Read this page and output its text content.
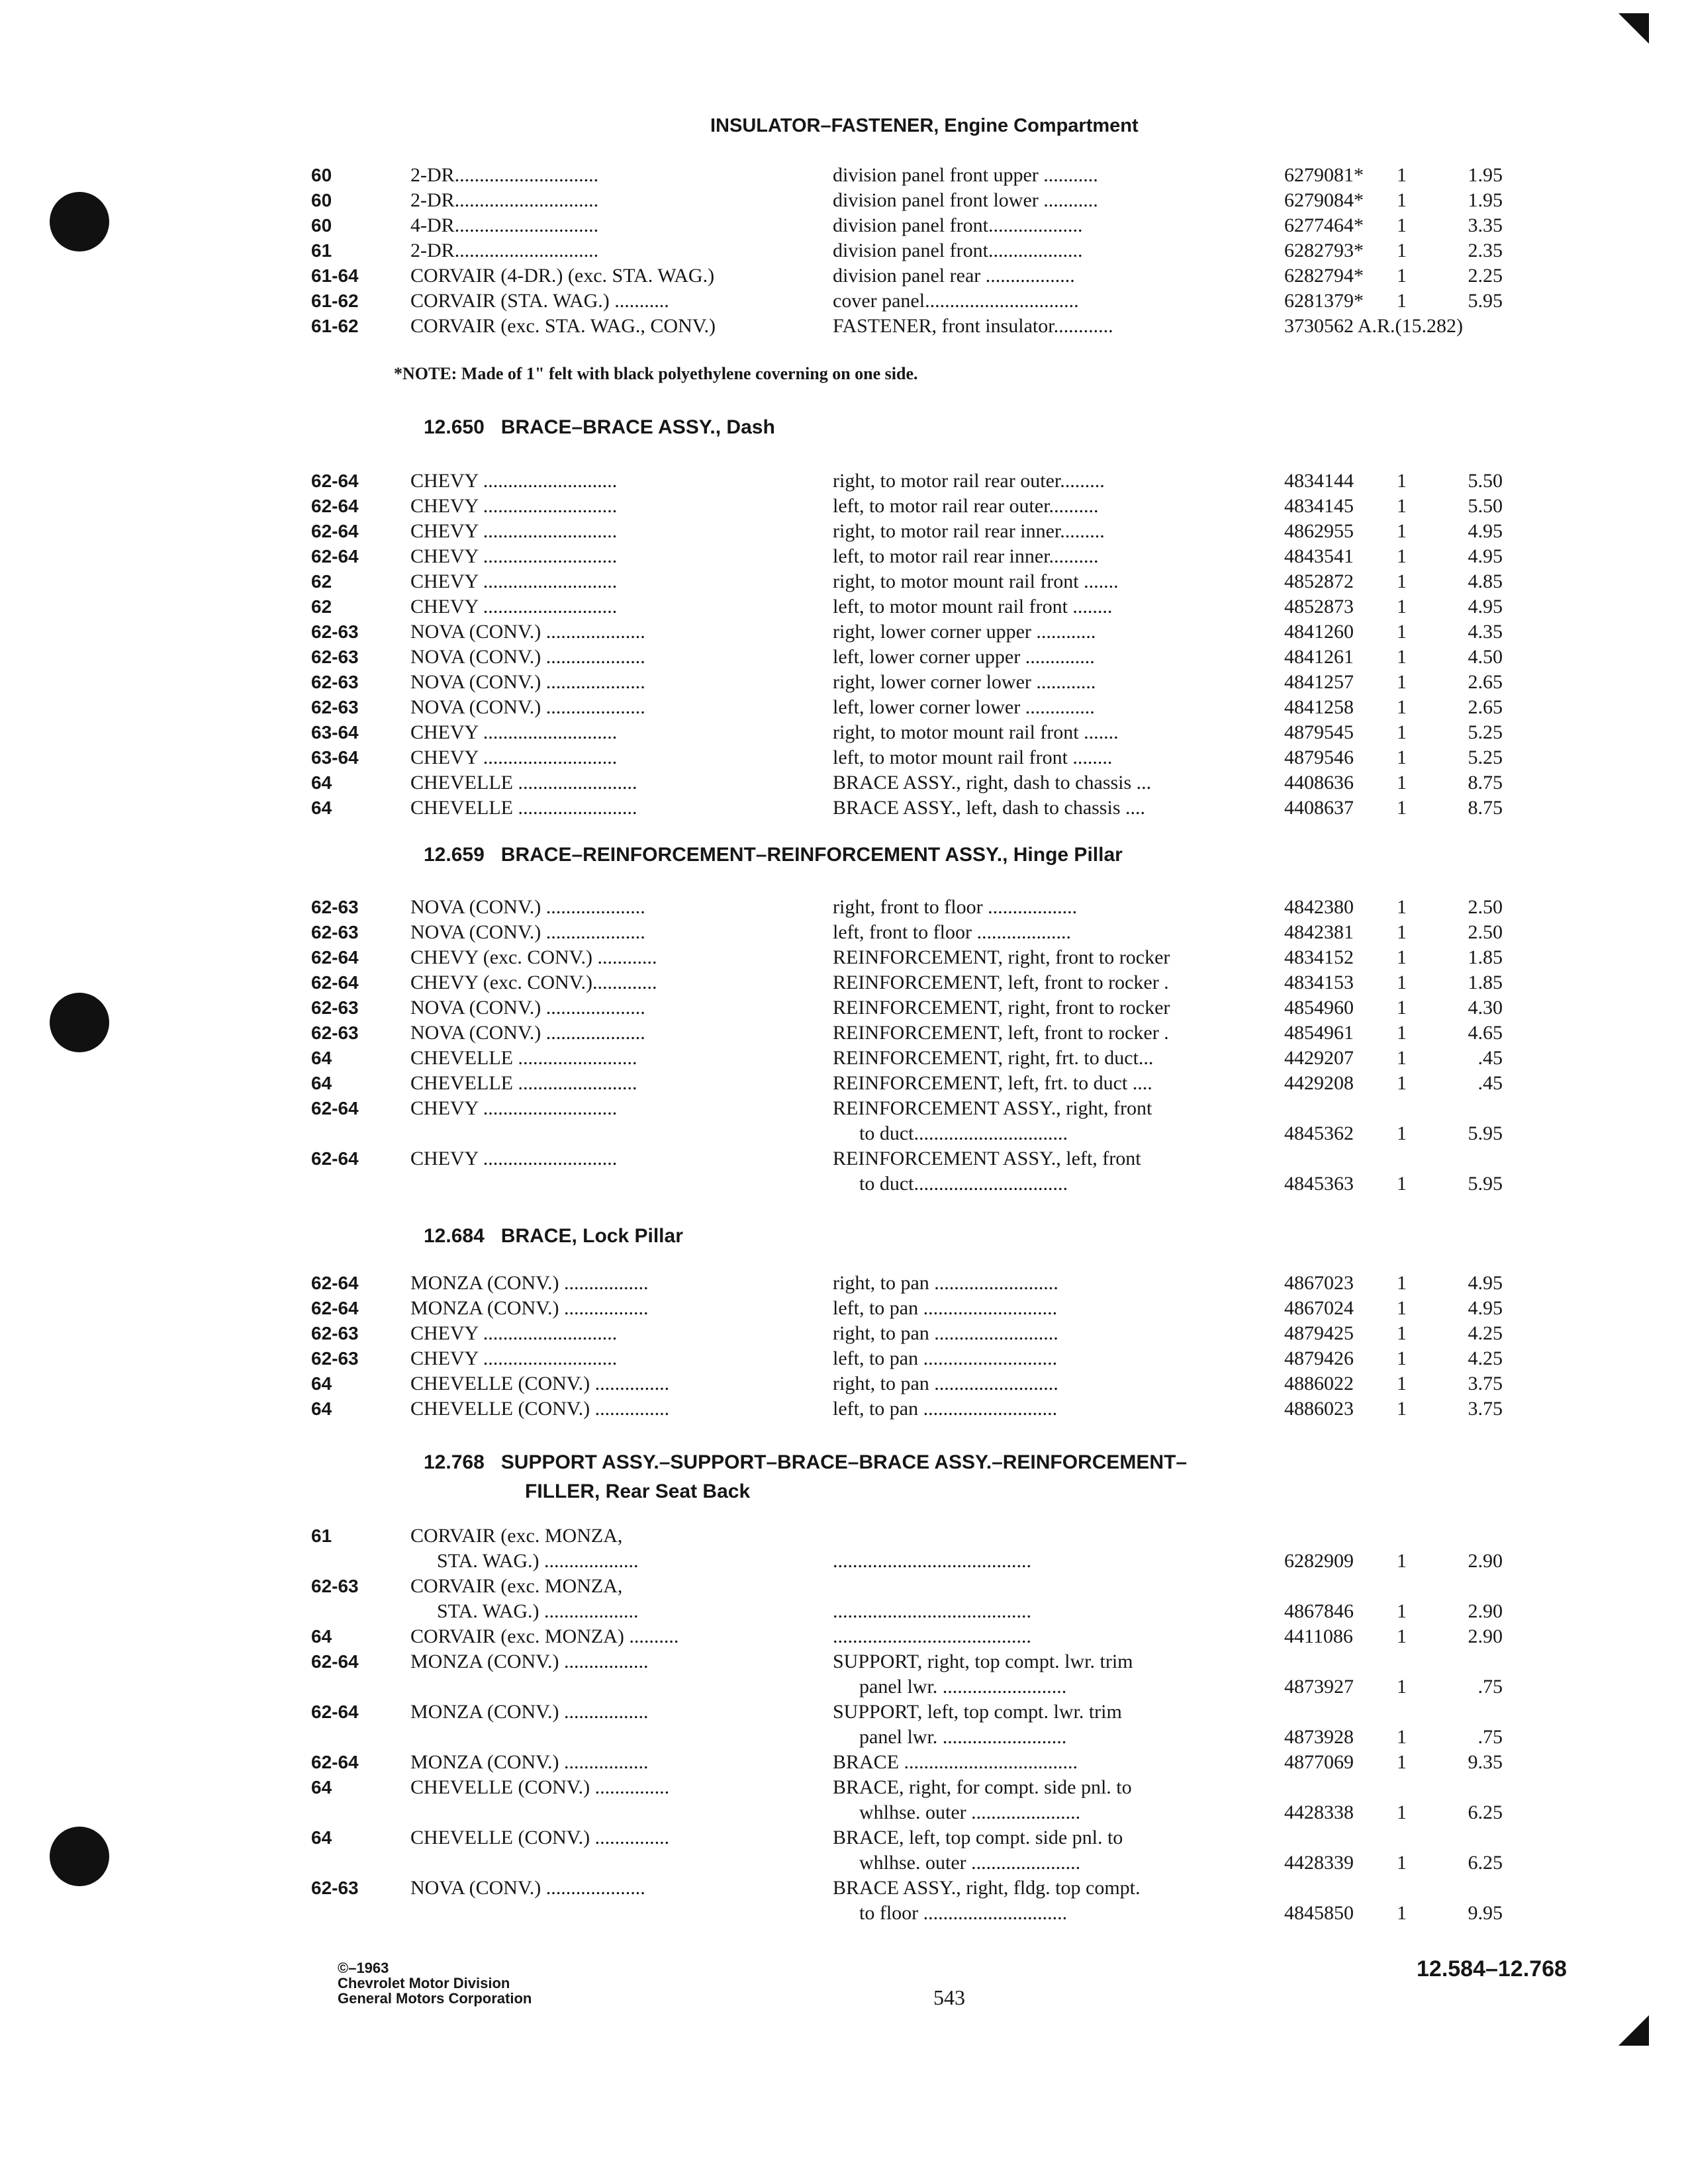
INSULATOR–FASTENER, Engine Compartment
60	2-DR.............................	division panel front upper ...........	6279081*	1	1.95
60	2-DR.............................	division panel front lower ...........	6279084*	1	1.95
60	4-DR.............................	division panel front...................	6277464*	1	3.35
61	2-DR.............................	division panel front...................	6282793*	1	2.35
61-64	CORVAIR (4-DR.) (exc. STA. WAG.)	division panel rear ..................	6282794*	1	2.25
61-62	CORVAIR (STA. WAG.) ...........	cover panel...............................	6281379*	1	5.95
61-62	CORVAIR (exc. STA. WAG., CONV.)	FASTENER, front insulator............	3730562 A.R.(15.282)
*NOTE: Made of 1" felt with black polyethylene coverning on one side.
12.650 BRACE–BRACE ASSY., Dash
62-64	CHEVY ...........................	right, to motor rail rear outer.........	4834144	1	5.50
62-64	CHEVY ...........................	left, to motor rail rear outer..........	4834145	1	5.50
62-64	CHEVY ...........................	right, to motor rail rear inner.........	4862955	1	4.95
62-64	CHEVY ...........................	left, to motor rail rear inner..........	4843541	1	4.95
62	CHEVY ...........................	right, to motor mount rail front .......	4852872	1	4.85
62	CHEVY ...........................	left, to motor mount rail front ........	4852873	1	4.95
62-63	NOVA (CONV.) ....................	right, lower corner upper ............	4841260	1	4.35
62-63	NOVA (CONV.) ....................	left, lower corner upper ..............	4841261	1	4.50
62-63	NOVA (CONV.) ....................	right, lower corner lower ............	4841257	1	2.65
62-63	NOVA (CONV.) ....................	left, lower corner lower ..............	4841258	1	2.65
63-64	CHEVY ...........................	right, to motor mount rail front .......	4879545	1	5.25
63-64	CHEVY ...........................	left, to motor mount rail front ........	4879546	1	5.25
64	CHEVELLE ........................	BRACE ASSY., right, dash to chassis ...	4408636	1	8.75
64	CHEVELLE ........................	BRACE ASSY., left, dash to chassis ....	4408637	1	8.75
12.659 BRACE–REINFORCEMENT–REINFORCEMENT ASSY., Hinge Pillar
62-63	NOVA (CONV.) ....................	right, front to floor ..................	4842380	1	2.50
62-63	NOVA (CONV.) ....................	left, front to floor ...................	4842381	1	2.50
62-64	CHEVY (exc. CONV.) ............	REINFORCEMENT, right, front to rocker	4834152	1	1.85
62-64	CHEVY (exc. CONV.).............	REINFORCEMENT, left, front to rocker .	4834153	1	1.85
62-63	NOVA (CONV.) ....................	REINFORCEMENT, right, front to rocker	4854960	1	4.30
62-63	NOVA (CONV.) ....................	REINFORCEMENT, left, front to rocker .	4854961	1	4.65
64	CHEVELLE ........................	REINFORCEMENT, right, frt. to duct...	4429207	1	.45
64	CHEVELLE ........................	REINFORCEMENT, left, frt. to duct ....	4429208	1	.45
62-64	CHEVY ...........................	REINFORCEMENT ASSY., right, front
to duct...............................	4845362	1	5.95
62-64	CHEVY ...........................	REINFORCEMENT ASSY., left, front
to duct...............................	4845363	1	5.95
12.684 BRACE, Lock Pillar
62-64	MONZA (CONV.) .................	right, to pan .........................	4867023	1	4.95
62-64	MONZA (CONV.) .................	left, to pan ...........................	4867024	1	4.95
62-63	CHEVY ...........................	right, to pan .........................	4879425	1	4.25
62-63	CHEVY ...........................	left, to pan ...........................	4879426	1	4.25
64	CHEVELLE (CONV.) ...............	right, to pan .........................	4886022	1	3.75
64	CHEVELLE (CONV.) ...............	left, to pan ...........................	4886023	1	3.75
12.768 SUPPORT ASSY.–SUPPORT–BRACE–BRACE ASSY.–REINFORCEMENT–
FILLER, Rear Seat Back
61	CORVAIR (exc. MONZA,
STA. WAG.) ...................	........................................	6282909	1	2.90
62-63	CORVAIR (exc. MONZA,
STA. WAG.) ...................	........................................	4867846	1	2.90
64	CORVAIR (exc. MONZA) ..........	........................................	4411086	1	2.90
62-64	MONZA (CONV.) .................	SUPPORT, right, top compt. lwr. trim
panel lwr. .........................	4873927	1	.75
62-64	MONZA (CONV.) .................	SUPPORT, left, top compt. lwr. trim
panel lwr. .........................	4873928	1	.75
62-64	MONZA (CONV.) .................	BRACE ...................................	4877069	1	9.35
64	CHEVELLE (CONV.) ...............	BRACE, right, for compt. side pnl. to
whlhse. outer ......................	4428338	1	6.25
64	CHEVELLE (CONV.) ...............	BRACE, left, top compt. side pnl. to
whlhse. outer ......................	4428339	1	6.25
62-63	NOVA (CONV.) ....................	BRACE ASSY., right, fldg. top compt.
to floor .............................	4845850	1	9.95
©–1963
Chevrolet Motor Division
General Motors Corporation	543
12.584–12.768
